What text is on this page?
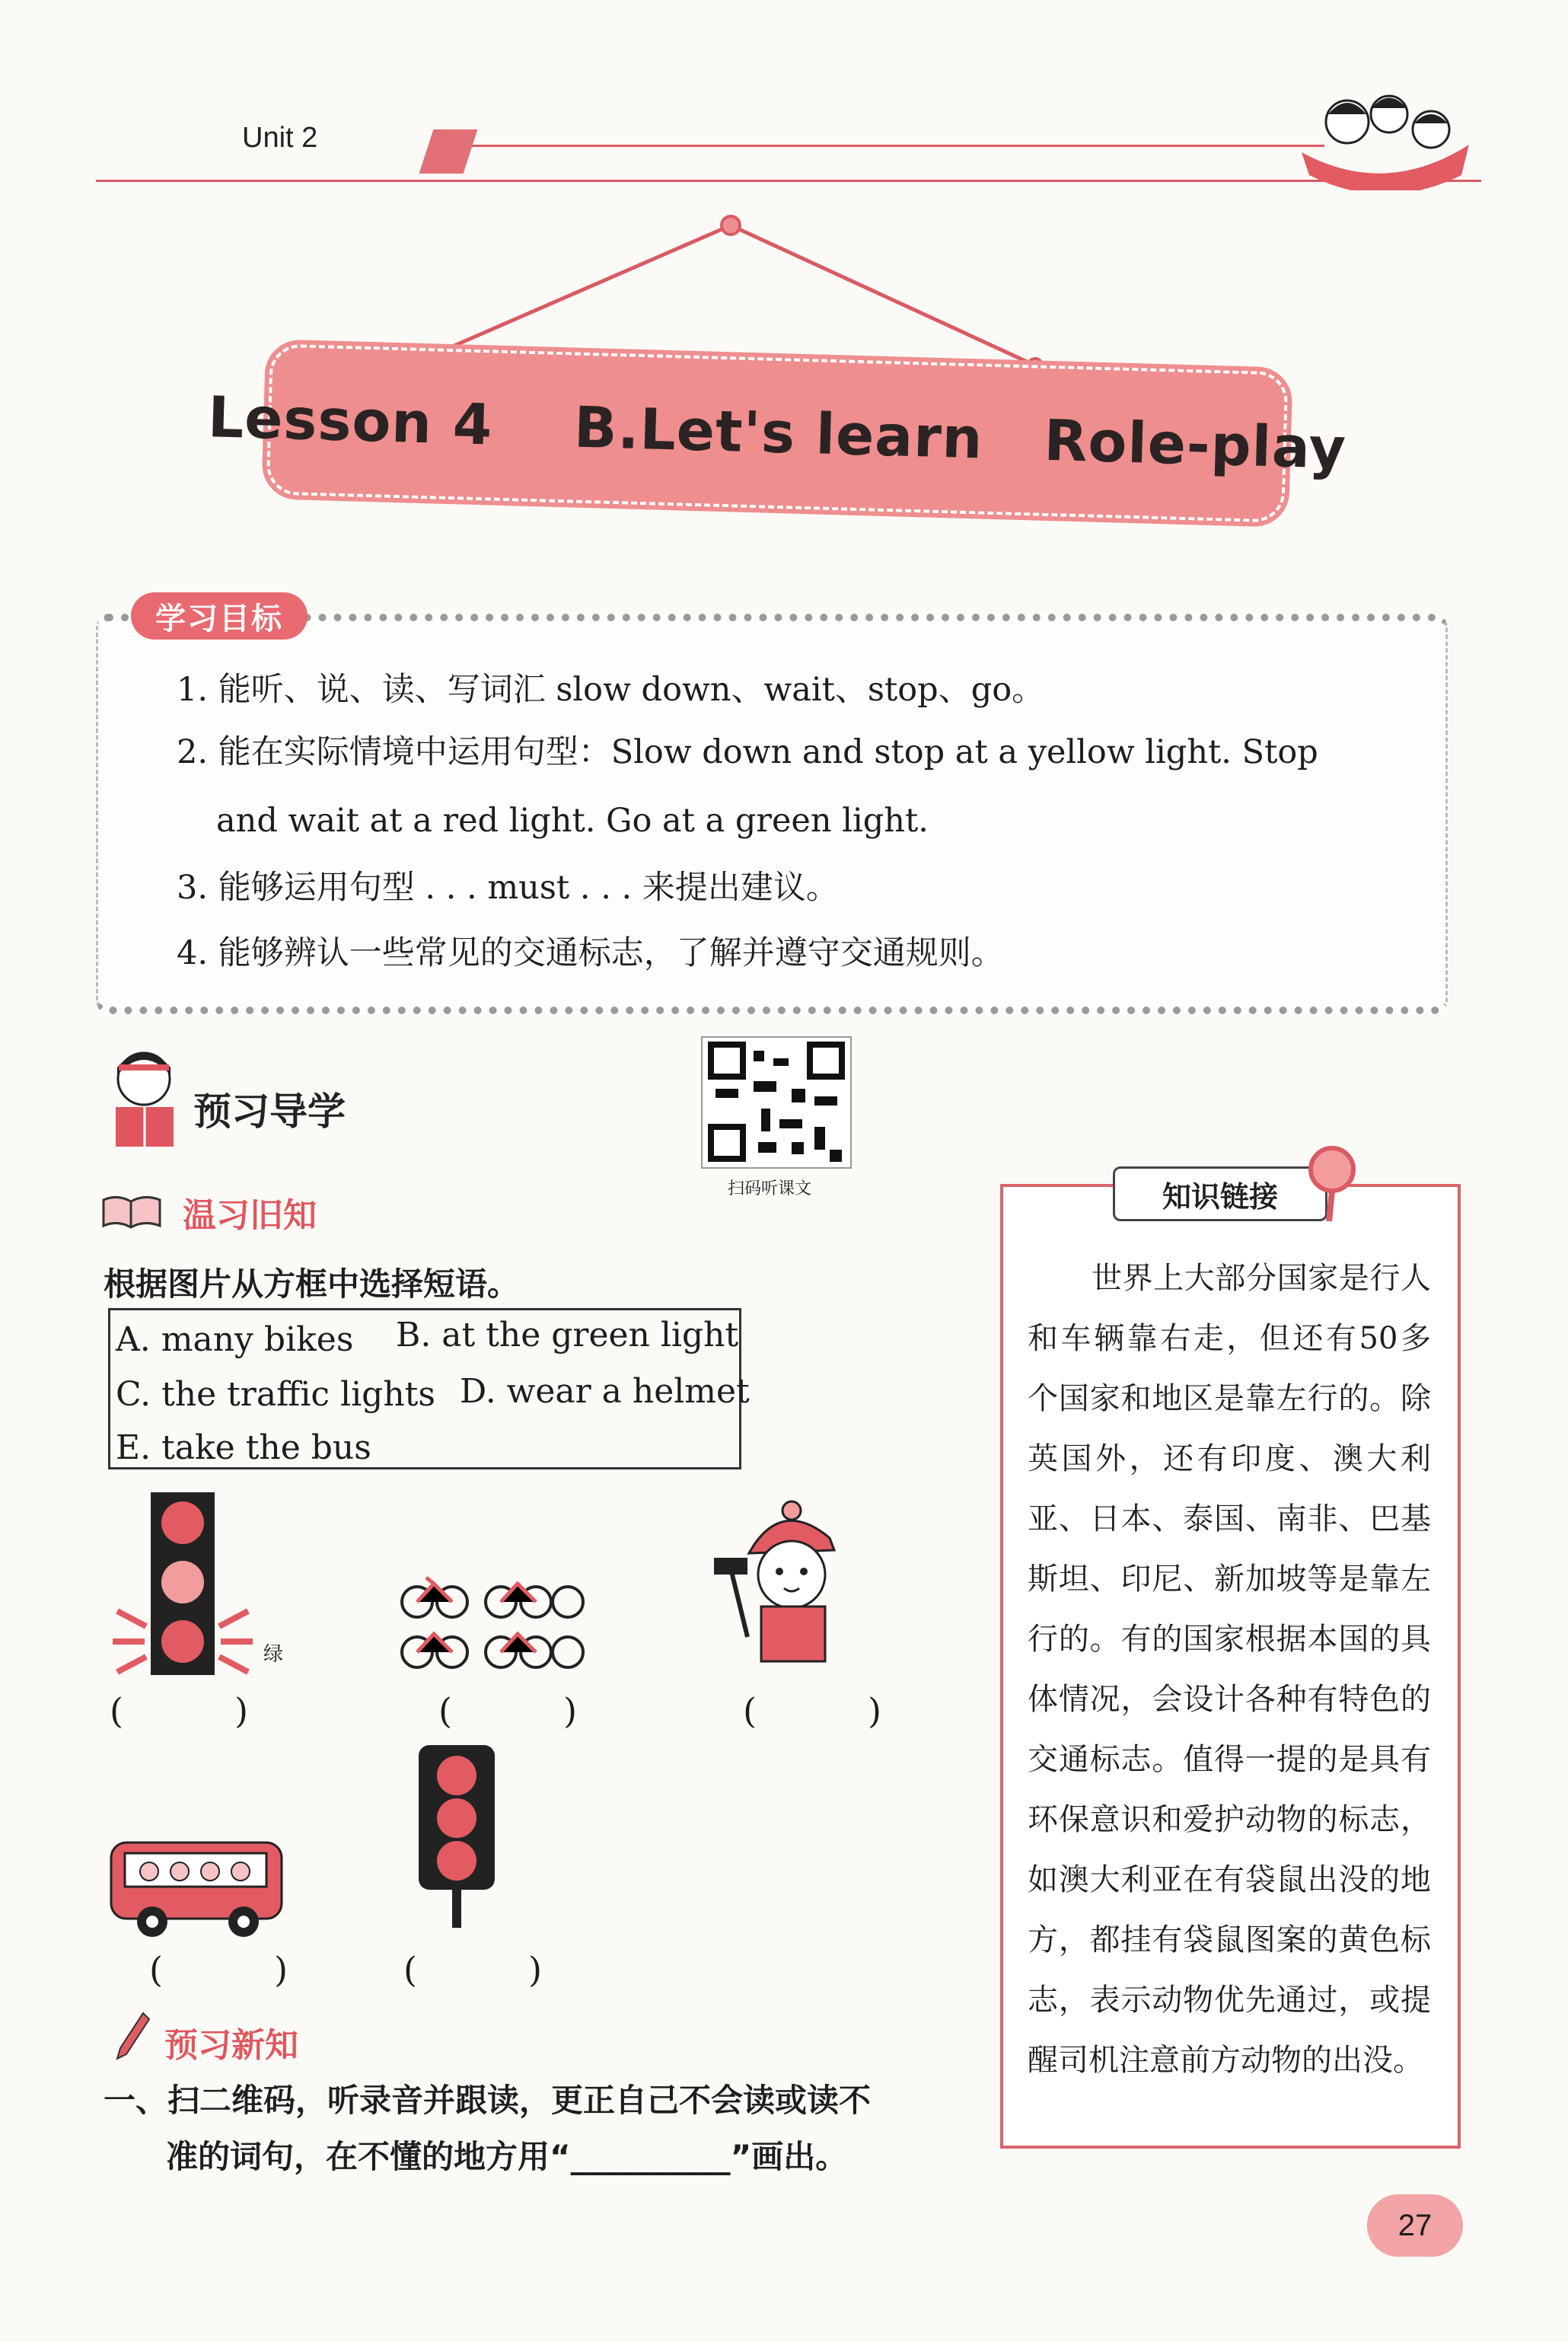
Unit 2
Lesson 4    B.Let's learn   Role-play
学习目标
1. 能听、说、读、写词汇 slow down、wait、stop、go。
2. 能在实际情境中运用句型：Slow down and stop at a yellow light. Stop
and wait at a red light. Go at a green light.
3. 能够运用句型 . . . must . . . 来提出建议。
4. 能够辨认一些常见的交通标志，了解并遵守交通规则。
预习导学
扫码听课文
温习旧知
根据图片从方框中选择短语。
A. many bikes B. at the green light
C. the traffic lights D. wear a helmet
E. take the bus
绿
(          )	(          )	(          )
(          )	(          )
预习新知
一、扫二维码，听录音并跟读，更正自己不会读或读不
准的词句，在不懂的地方用“__________”画出。
知识链接
世界上大部分国家是行人和车辆靠右走，但还有50多个国家和地区是靠左行的。除英国外，还有印度、澳大利亚、日本、泰国、南非、巴基斯坦、印尼、新加坡等是靠左行的。有的国家根据本国的具体情况，会设计各种有特色的交通标志。值得一提的是具有环保意识和爱护动物的标志，如澳大利亚在有袋鼠出没的地方，都挂有袋鼠图案的黄色标志，表示动物优先通过，或提醒司机注意前方动物的出没。
27
